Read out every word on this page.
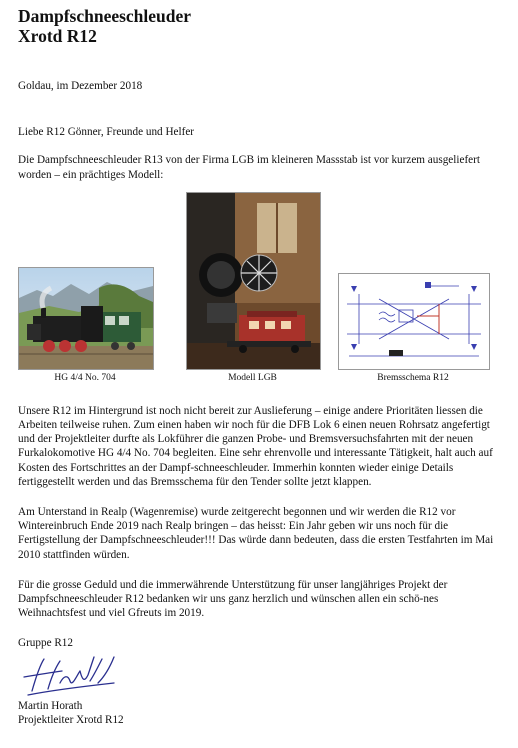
Dampfschneeschleuder
Xrotd R12

Goldau, im Dezember 2018

Liebe R12 Gönner, Freunde und Helfer

Die Dampfschneeschleuder R13 von der Firma LGB im kleineren Massstab ist vor kurzem ausgeliefert worden – ein prächtiges Modell:

HG 4/4 No. 704	Modell LGB	Bremsschema R12

Unsere R12 im Hintergrund ist noch nicht bereit zur Auslieferung – einige andere Prioritäten liessen die Arbeiten teilweise ruhen. Zum einen haben wir noch für die DFB Lok 6 einen neuen Rohrsatz angefertigt und der Projektleiter durfte als Lokführer die ganzen Probe- und Bremsversuchsfahrten mit der neuen Furkalokomotive HG 4/4 No. 704 begleiten. Eine sehr ehrenvolle und interessante Tätigkeit, halt auch auf Kosten des Fortschrittes an der Dampf-schneeschleuder. Immerhin konnten wieder einige Details fertiggestellt werden und das Bremsschema für den Tender sollte jetzt klappen.

Am Unterstand in Realp (Wagenremise) wurde zeitgerecht begonnen und wir werden die R12 vor Wintereinbruch Ende 2019 nach Realp bringen – das heisst: Ein Jahr geben wir uns noch für die Fertigstellung der Dampfschneeschleuder!!! Das würde dann bedeuten, dass die ersten Testfahrten im Mai 2010 stattfinden würden.

Für die grosse Geduld und die immerwährende Unterstützung für unser langjähriges Projekt der Dampfschneeschleuder R12 bedanken wir uns ganz herzlich und wünschen allen ein schö-nes Weihnachtsfest und viel Gfreuts im 2019.

Gruppe R12

Martin Horath

Projektleiter Xrotd R12
